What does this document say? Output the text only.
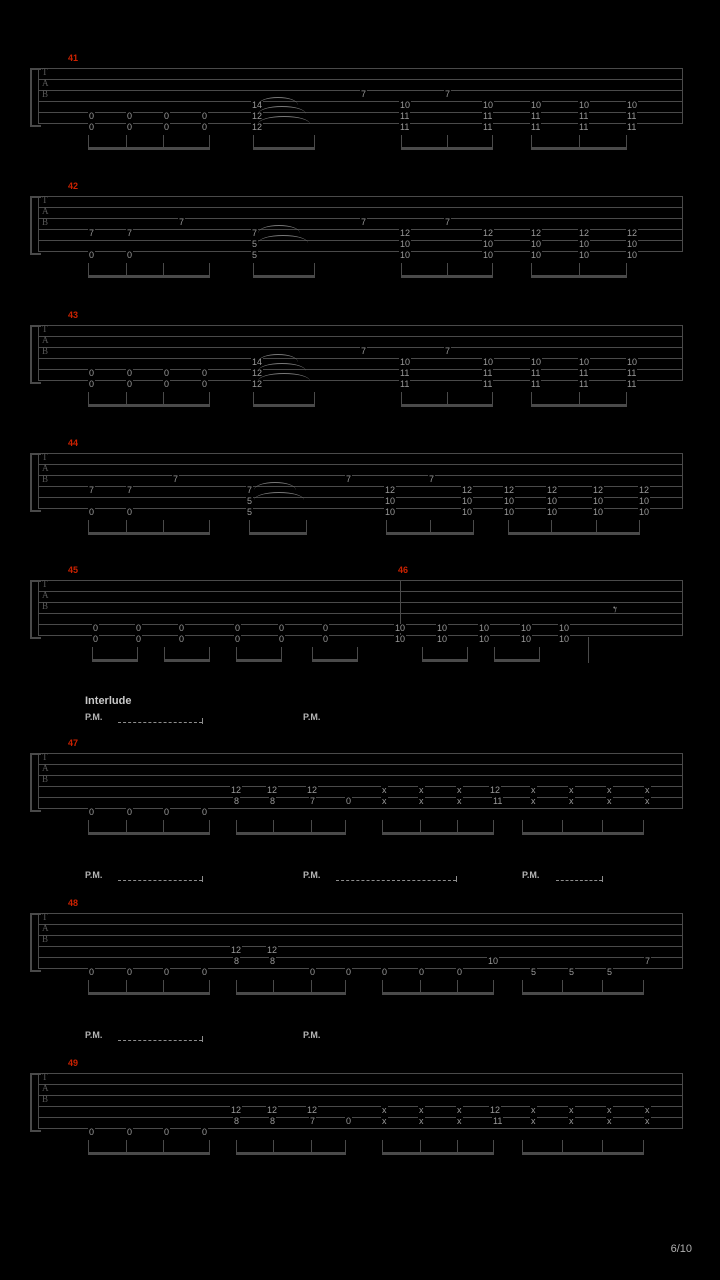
41
T
A
B
0
0
0
0
0
0
0
0
14
12
12
7
10
11
11
7
10
11
11
10
11
11
10
11
11
10
11
11
42
T
A
B
7
0
7
0
7
7
5
5
7
12
10
10
7
12
10
10
12
10
10
12
10
10
12
10
10
43
T
A
B
0
0
0
0
0
0
0
0
14
12
12
7
10
11
11
7
10
11
11
10
11
11
10
11
11
10
11
11
44
T
A
B
7
0
7
0
7
7
5
5
7
12
10
10
7
12
10
10
12
10
10
12
10
10
12
10
10
12
10
10
45	46
T
A
B
0
0
0
0
0
0
0
0
0
0
0
0
10
10
10
10
10
10
10
10
10
10
𝄾
Interlude
P.M.	P.M.
47
T
A
B
0	0	0	0
12
8
12
8
12
7	0
x
x
x
x
x
x
12
11
x
x
x
x
x
x
x
x
P.M.	P.M.	P.M.
48
T
A
B
0	0	0	0
12
8
12
8
0	0	0	0	0
10
5	5	5
7
P.M.	P.M.
49
T
A
B
0	0	0	0
12
8
12
8
12
7	0
x
x
x
x
x
x
12
11
x
x
x
x
x
x
x
x
6/10
